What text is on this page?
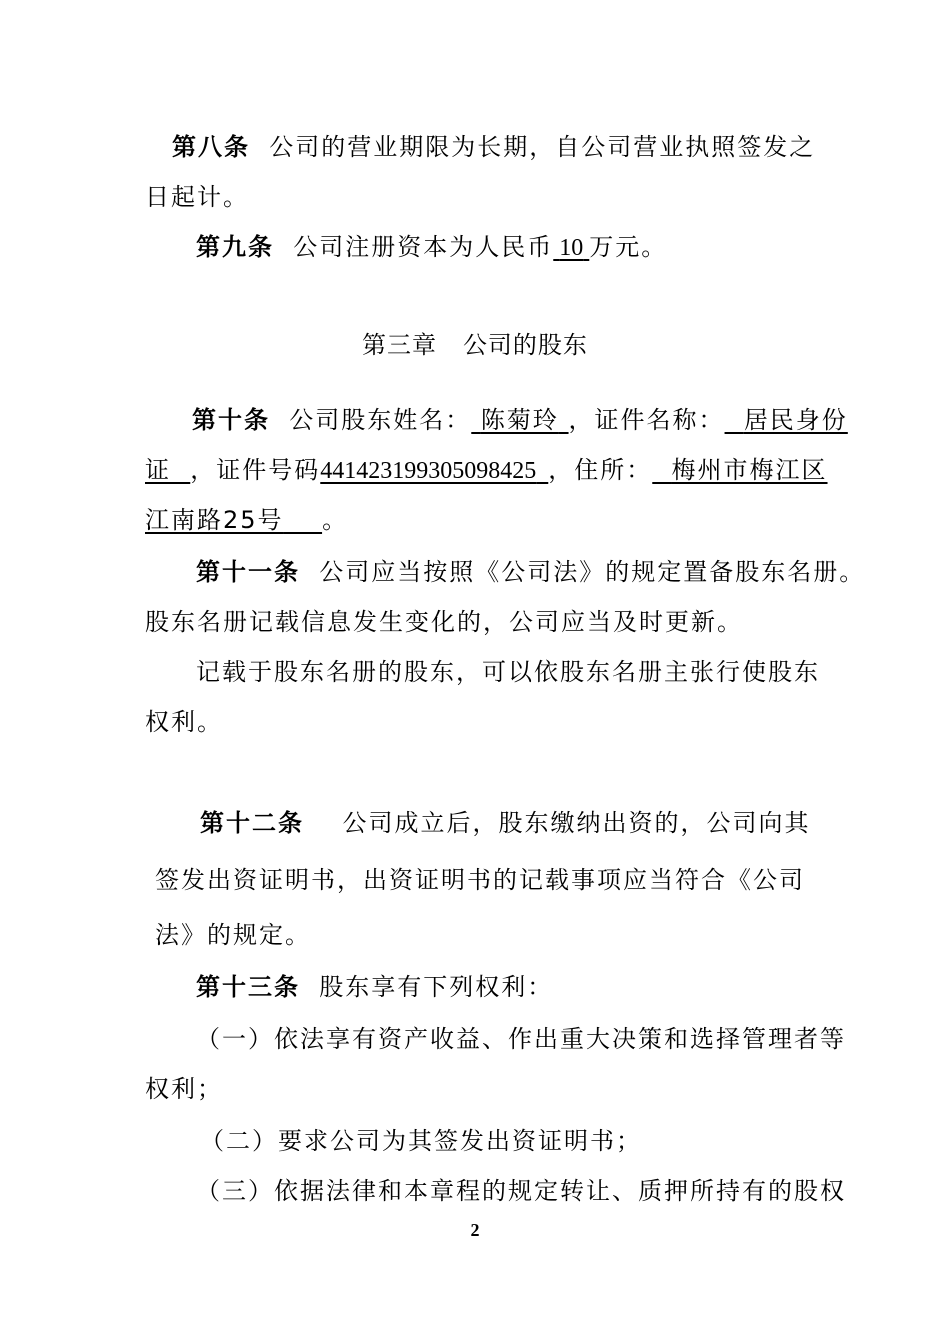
第八条 公司的营业期限为长期，自公司营业执照签发之
日起计。
第九条 公司注册资本为人民币 10 万元。
第三章 公司的股东
第十条 公司股东姓名： 陈菊玲 ，证件名称： 居民身份
证 ，证件号码441423199305098425 ，住所： 梅州市梅江区
江南路25号 。
第十一条 公司应当按照《公司法》的规定置备股东名册。
股东名册记载信息发生变化的，公司应当及时更新。
记载于股东名册的股东，可以依股东名册主张行使股东
权利。
第十二条 公司成立后，股东缴纳出资的，公司向其
签发出资证明书，出资证明书的记载事项应当符合《公司
法》的规定。
第十三条 股东享有下列权利：
（一）依法享有资产收益、作出重大决策和选择管理者等
权利；
（二）要求公司为其签发出资证明书；
（三）依据法律和本章程的规定转让、质押所持有的股权
2
